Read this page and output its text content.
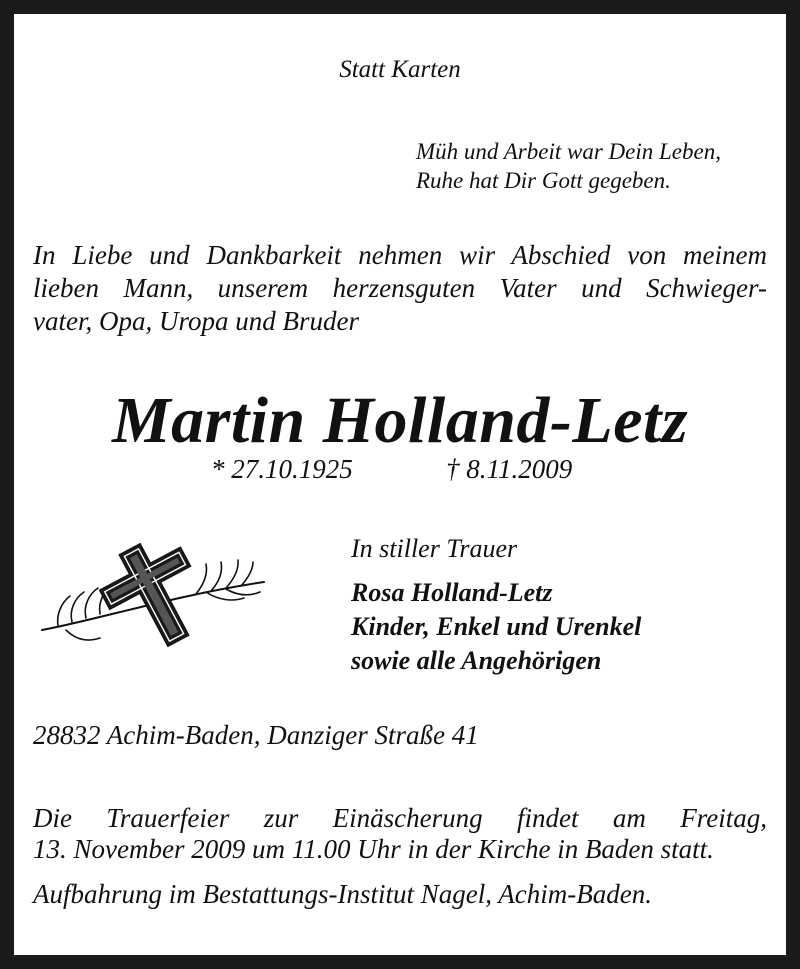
Statt Karten

Müh und Arbeit war Dein Leben,
Ruhe hat Dir Gott gegeben.
In Liebe und Dankbarkeit nehmen wir Abschied von meinem
lieben Mann, unserem herzensguten Vater und Schwieger-
vater, Opa, Uropa und Bruder
Martin Holland-Letz
* 27.10.1925	† 8.11.2009

In stiller Trauer

Rosa Holland-Letz
Kinder, Enkel und Urenkel
sowie alle Angehörigen

28832 Achim-Baden, Danziger Straße 41

Die Trauerfeier zur Einäscherung findet am Freitag,
13. November 2009 um 11.00 Uhr in der Kirche in Baden statt.

Aufbahrung im Bestattungs-Institut Nagel, Achim-Baden.
